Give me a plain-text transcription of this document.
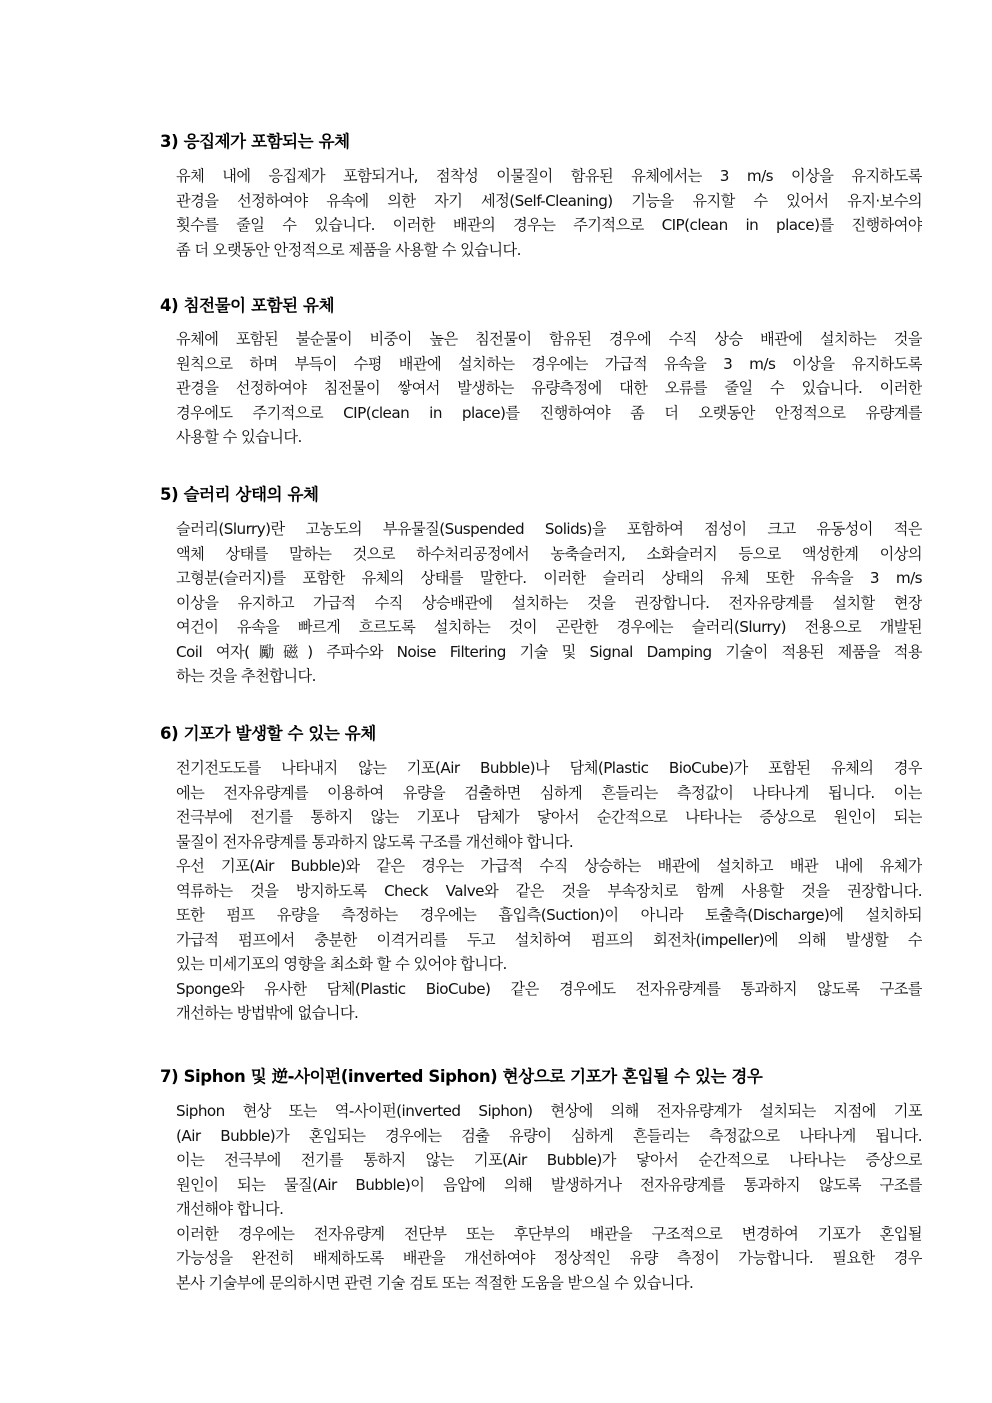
3) 응집제가 포함되는 유체
유체 내에 응집제가 포함되거나, 점착성 이물질이 함유된 유체에서는 3 m/s 이상을 유지하도록
관경을 선정하여야 유속에 의한 자기 세정(Self-Cleaning) 기능을 유지할 수 있어서 유지·보수의
횟수를 줄일 수 있습니다. 이러한 배관의 경우는 주기적으로 CIP(clean in place)를 진행하여야
좀 더 오랫동안 안정적으로 제품을 사용할 수 있습니다.
4) 침전물이 포함된 유체
유체에 포함된 불순물이 비중이 높은 침전물이 함유된 경우에 수직 상승 배관에 설치하는 것을
원칙으로 하며 부득이 수평 배관에 설치하는 경우에는 가급적 유속을 3 m/s 이상을 유지하도록
관경을 선정하여야 침전물이 쌓여서 발생하는 유량측정에 대한 오류를 줄일 수 있습니다. 이러한
경우에도 주기적으로 CIP(clean in place)를 진행하여야 좀 더 오랫동안 안정적으로 유량계를
사용할 수 있습니다.
5) 슬러리 상태의 유체
슬러리(Slurry)란 고농도의 부유물질(Suspended Solids)을 포함하여 점성이 크고 유동성이 적은
액체 상태를 말하는 것으로 하수처리공정에서 농축슬러지, 소화슬러지 등으로 액성한계 이상의
고형분(슬러지)를 포함한 유체의 상태를 말한다. 이러한 슬러리 상태의 유체 또한 유속을 3 m/s
이상을 유지하고 가급적 수직 상승배관에 설치하는 것을 권장합니다. 전자유량계를 설치할 현장
여건이 유속을 빠르게 흐르도록 설치하는 것이 곤란한 경우에는 슬러리(Slurry) 전용으로 개발된
Coil 여자(勵磁) 주파수와 Noise Filtering 기술 및 Signal Damping 기술이 적용된 제품을 적용
하는 것을 추천합니다.
6) 기포가 발생할 수 있는 유체
전기전도도를 나타내지 않는 기포(Air Bubble)나 담체(Plastic BioCube)가 포함된 유체의 경우
에는 전자유량계를 이용하여 유량을 검출하면 심하게 흔들리는 측정값이 나타나게 됩니다. 이는
전극부에 전기를 통하지 않는 기포나 담체가 닿아서 순간적으로 나타나는 증상으로 원인이 되는
물질이 전자유량계를 통과하지 않도록 구조를 개선해야 합니다.
우선 기포(Air Bubble)와 같은 경우는 가급적 수직 상승하는 배관에 설치하고 배관 내에 유체가
역류하는 것을 방지하도록 Check Valve와 같은 것을 부속장치로 함께 사용할 것을 권장합니다.
또한 펌프 유량을 측정하는 경우에는 흡입측(Suction)이 아니라 토출측(Discharge)에 설치하되
가급적 펌프에서 충분한 이격거리를 두고 설치하여 펌프의 회전차(impeller)에 의해 발생할 수
있는 미세기포의 영향을 최소화 할 수 있어야 합니다.
Sponge와 유사한 담체(Plastic BioCube) 같은 경우에도 전자유량계를 통과하지 않도록 구조를
개선하는 방법밖에 없습니다.
7) Siphon 및 逆-사이펀(inverted Siphon) 현상으로 기포가 혼입될 수 있는 경우
Siphon 현상 또는 역-사이펀(inverted Siphon) 현상에 의해 전자유량계가 설치되는 지점에 기포
(Air Bubble)가 혼입되는 경우에는 검출 유량이 심하게 흔들리는 측정값으로 나타나게 됩니다.
이는 전극부에 전기를 통하지 않는 기포(Air Bubble)가 닿아서 순간적으로 나타나는 증상으로
원인이 되는 물질(Air Bubble)이 음압에 의해 발생하거나 전자유량계를 통과하지 않도록 구조를
개선해야 합니다.
이러한 경우에는 전자유량계 전단부 또는 후단부의 배관을 구조적으로 변경하여 기포가 혼입될
가능성을 완전히 배제하도록 배관을 개선하여야 정상적인 유량 측정이 가능합니다. 필요한 경우
본사 기술부에 문의하시면 관련 기술 검토 또는 적절한 도움을 받으실 수 있습니다.
